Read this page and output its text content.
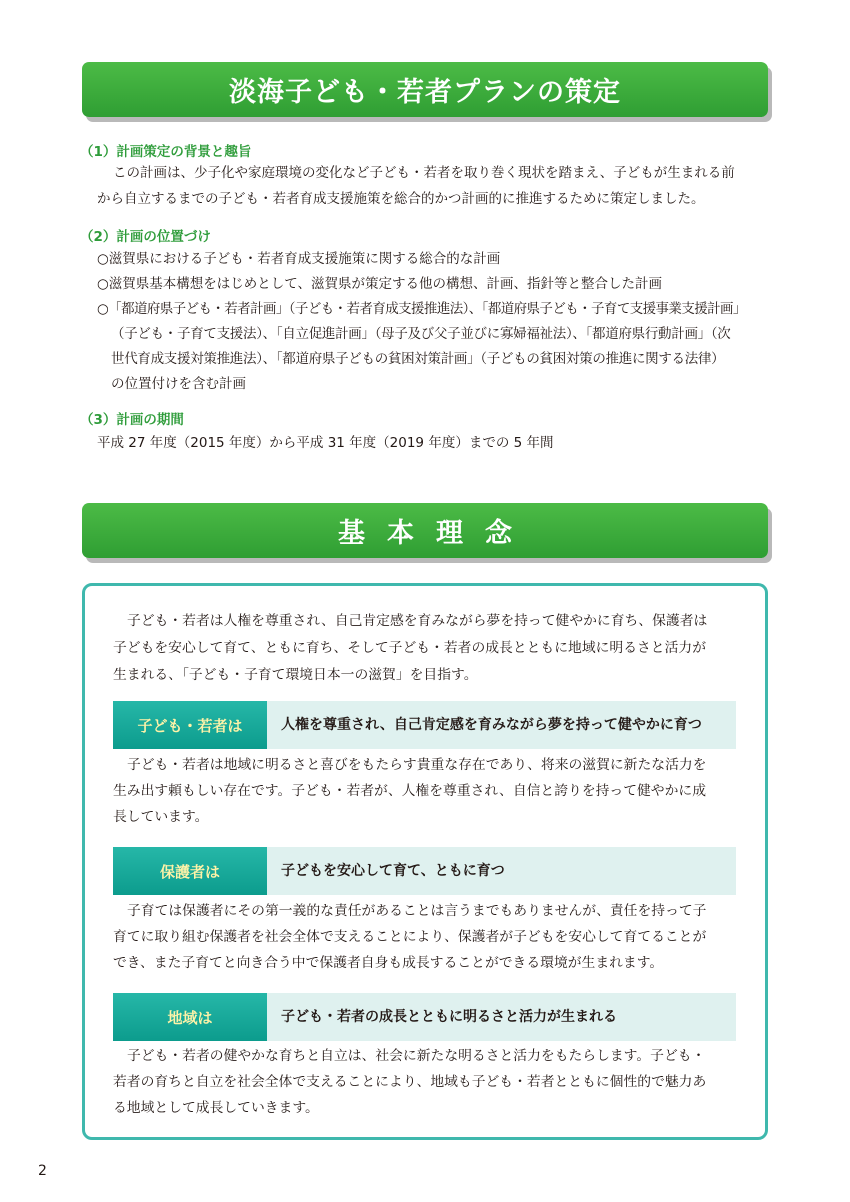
淡海子ども・若者プランの策定
（1）計画策定の背景と趣旨
この計画は、少子化や家庭環境の変化など子ども・若者を取り巻く現状を踏まえ、子どもが生まれる前
から自立するまでの子ども・若者育成支援施策を総合的かつ計画的に推進するために策定しました。
（2）計画の位置づけ
○滋賀県における子ども・若者育成支援施策に関する総合的な計画
○滋賀県基本構想をはじめとして、滋賀県が策定する他の構想、計画、指針等と整合した計画
○「都道府県子ども・若者計画」（子ども・若者育成支援推進法）、「都道府県子ども・子育て支援事業支援計画」
（子ども・子育て支援法）、「自立促進計画」（母子及び父子並びに寡婦福祉法）、「都道府県行動計画」（次
世代育成支援対策推進法）、「都道府県子どもの貧困対策計画」（子どもの貧困対策の推進に関する法律）
の位置付けを含む計画
（3）計画の期間
平成 27 年度（2015 年度）から平成 31 年度（2019 年度）までの 5 年間
基本理念
子ども・若者は人権を尊重され、自己肯定感を育みながら夢を持って健やかに育ち、保護者は
子どもを安心して育て、ともに育ち、そして子ども・若者の成長とともに地域に明るさと活力が
生まれる、「子ども・子育て環境日本一の滋賀」を目指す。
子ども・若者は	人権を尊重され、自己肯定感を育みながら夢を持って健やかに育つ
子ども・若者は地域に明るさと喜びをもたらす貴重な存在であり、将来の滋賀に新たな活力を
生み出す頼もしい存在です。子ども・若者が、人権を尊重され、自信と誇りを持って健やかに成
長しています。
保護者は	子どもを安心して育て、ともに育つ
子育ては保護者にその第一義的な責任があることは言うまでもありませんが、責任を持って子
育てに取り組む保護者を社会全体で支えることにより、保護者が子どもを安心して育てることが
でき、また子育てと向き合う中で保護者自身も成長することができる環境が生まれます。
地域は	子ども・若者の成長とともに明るさと活力が生まれる
子ども・若者の健やかな育ちと自立は、社会に新たな明るさと活力をもたらします。子ども・
若者の育ちと自立を社会全体で支えることにより、地域も子ども・若者とともに個性的で魅力あ
る地域として成長していきます。
2
